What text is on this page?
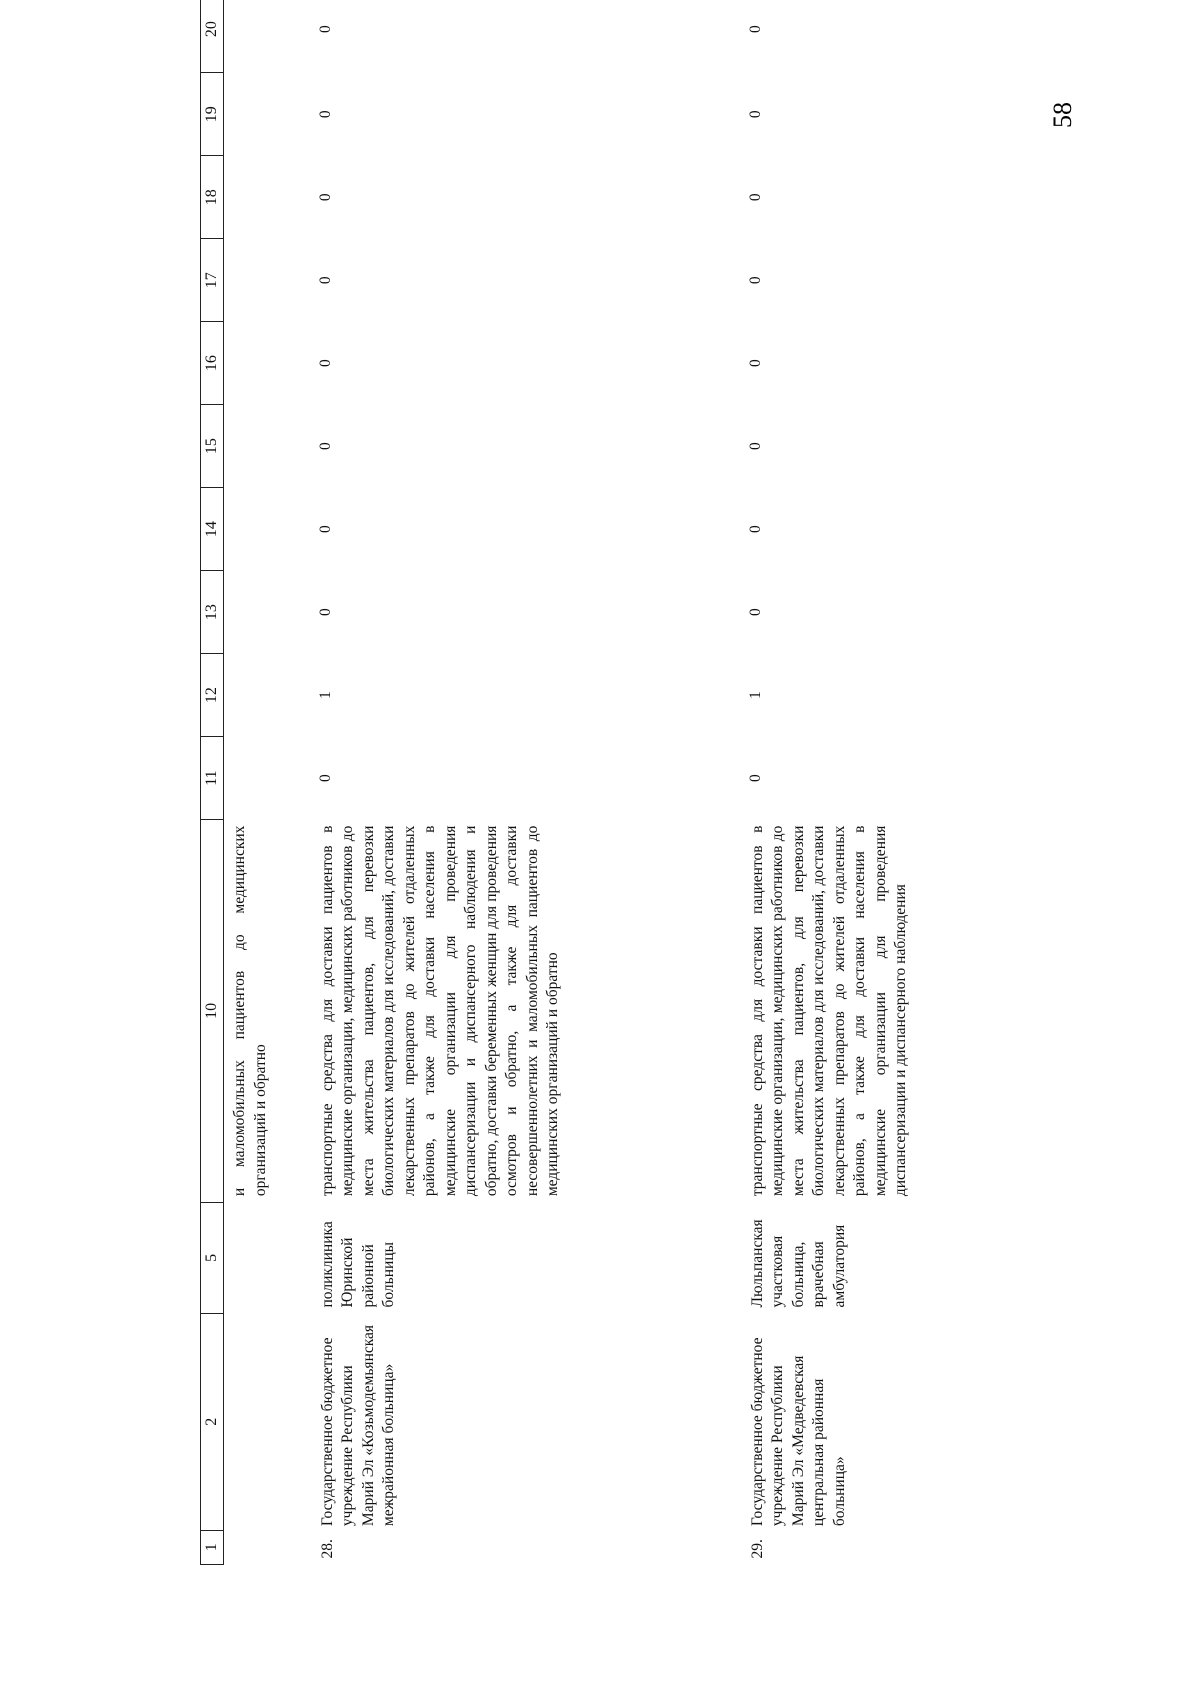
58
1	2	5	10	11	12	13	14	15	16	17	18	19	20
			и маломобильных пациентов до медицинских организаций и обратно										
28.	Государственное бюджетное учреждение Республики Марий Эл «Козьмодемьянская межрайонная больница»	поликлиника Юринской районной больницы	транспортные средства для доставки пациентов в медицинские организации, медицинских работников до места жительства пациентов, для перевозки биологических материалов для исследований, доставки лекарственных препаратов до жителей отдаленных районов, а также для доставки населения в медицинские организации для проведения диспансеризации и диспансерного наблюдения и обратно, доставки беременных женщин для проведения осмотров и обратно, а также для доставки несовершеннолетних и маломобильных пациентов до медицинских организаций и обратно	0	1	0	0	0	0	0	0	0	0
29.	Государственное бюджетное учреждение Республики Марий Эл «Медведевская центральная районная больница»	Люльпанская участковая больница, врачебная амбулатория	транспортные средства для доставки пациентов в медицинские организации, медицинских работников до места жительства пациентов, для перевозки биологических материалов для исследований, доставки лекарственных препаратов до жителей отдаленных районов, а также для доставки населения в медицинские организации для проведения диспансеризации и диспансерного наблюдения	0	1	0	0	0	0	0	0	0	0
